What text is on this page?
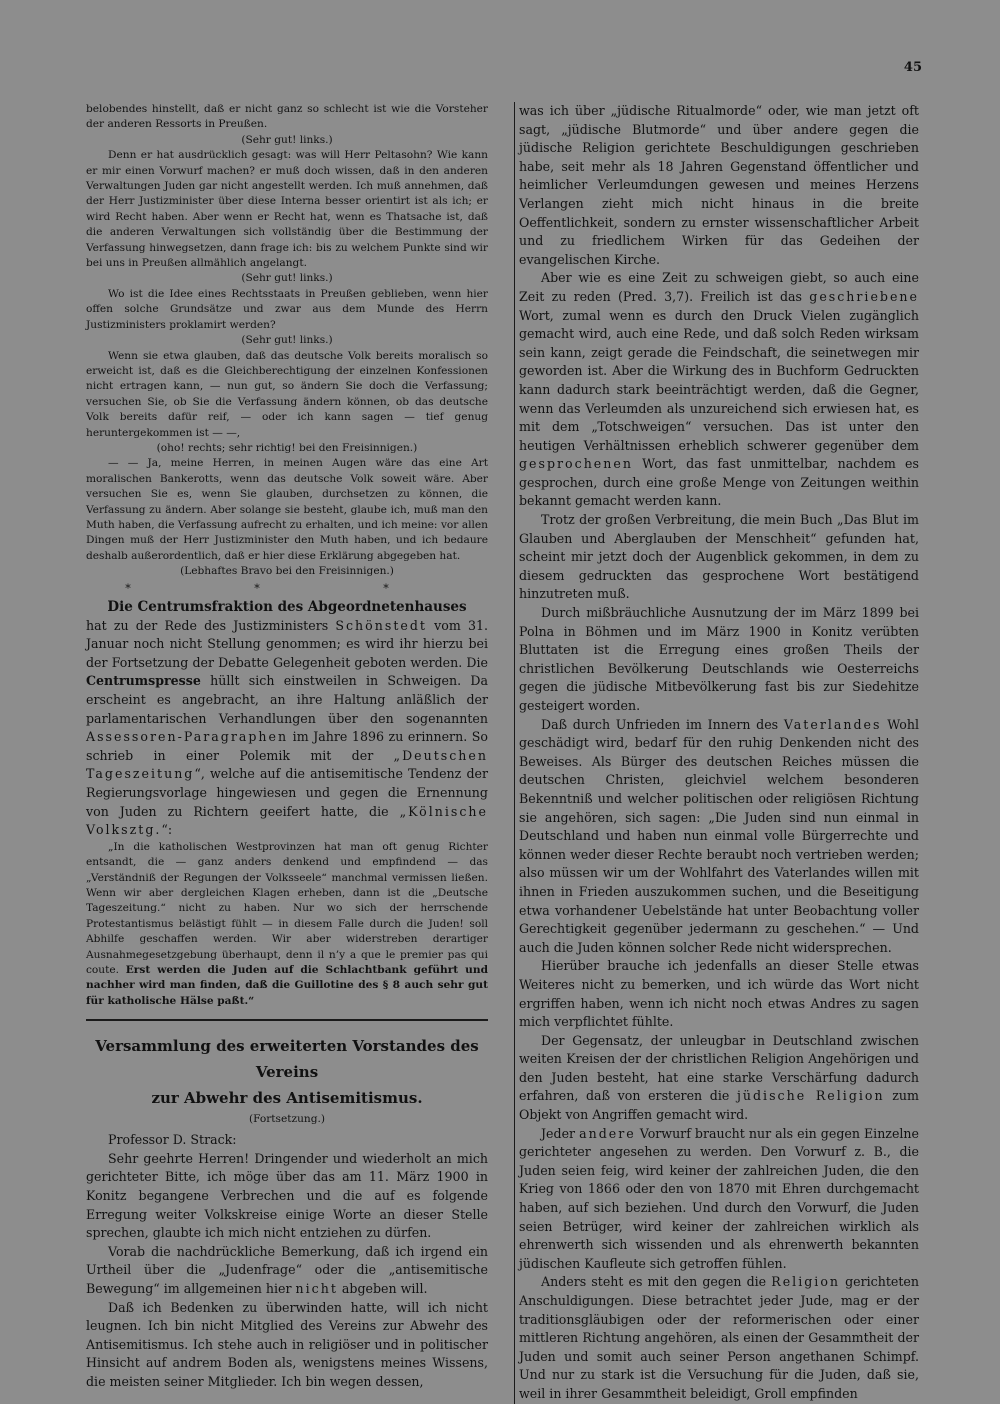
45

belobendes hinstellt, daß er nicht ganz so schlecht ist wie die Vorsteher der anderen Ressorts in Preußen.

(Sehr gut! links.)

Denn er hat ausdrücklich gesagt: was will Herr Peltasohn? Wie kann er mir einen Vorwurf machen? er muß doch wissen, daß in den anderen Verwaltungen Juden gar nicht angestellt werden. Ich muß annehmen, daß der Herr Justizminister über diese Interna besser orientirt ist als ich; er wird Recht haben. Aber wenn er Recht hat, wenn es Thatsache ist, daß die anderen Verwaltungen sich vollständig über die Bestimmung der Verfassung hinwegsetzen, dann frage ich: bis zu welchem Punkte sind wir bei uns in Preußen allmählich angelangt.

(Sehr gut! links.)

Wo ist die Idee eines Rechtsstaats in Preußen geblieben, wenn hier offen solche Grundsätze und zwar aus dem Munde des Herrn Justizministers proklamirt werden?

(Sehr gut! links.)

Wenn sie etwa glauben, daß das deutsche Volk bereits moralisch so erweicht ist, daß es die Gleichberechtigung der einzelnen Konfessionen nicht ertragen kann, — nun gut, so ändern Sie doch die Verfassung; versuchen Sie, ob Sie die Verfassung ändern können, ob das deutsche Volk bereits dafür reif, — oder ich kann sagen — tief genug heruntergekommen ist — —,

(oho! rechts; sehr richtig! bei den Freisinnigen.)

— — Ja, meine Herren, in meinen Augen wäre das eine Art moralischen Bankerotts, wenn das deutsche Volk soweit wäre. Aber versuchen Sie es, wenn Sie glauben, durchsetzen zu können, die Verfassung zu ändern. Aber solange sie besteht, glaube ich, muß man den Muth haben, die Verfassung aufrecht zu erhalten, und ich meine: vor allen Dingen muß der Herr Justizminister den Muth haben, und ich bedaure deshalb außerordentlich, daß er hier diese Erklärung abgegeben hat.

(Lebhaftes Bravo bei den Freisinnigen.)

* * *

Die Centrumsfraktion des Abgeordnetenhauses

hat zu der Rede des Justizministers Schönstedt vom 31. Januar noch nicht Stellung genommen; es wird ihr hierzu bei der Fortsetzung der Debatte Gelegenheit geboten werden. Die Centrumspresse hüllt sich einstweilen in Schweigen. Da erscheint es angebracht, an ihre Haltung anläßlich der parlamentarischen Verhandlungen über den sogenannten Assessoren-Paragraphen im Jahre 1896 zu erinnern. So schrieb in einer Polemik mit der „Deutschen Tageszeitung“, welche auf die antisemitische Tendenz der Regierungsvorlage hingewiesen und gegen die Ernennung von Juden zu Richtern geeifert hatte, die „Kölnische Volksztg.“:

„In die katholischen Westprovinzen hat man oft genug Richter entsandt, die — ganz anders denkend und empfindend — das „Verständniß der Regungen der Volksseele“ manchmal vermissen ließen. Wenn wir aber dergleichen Klagen erheben, dann ist die „Deutsche Tageszeitung.“ nicht zu haben. Nur wo sich der herrschende Protestantismus belästigt fühlt — in diesem Falle durch die Juden! soll Abhilfe geschaffen werden. Wir aber widerstreben derartiger Ausnahmegesetzgebung überhaupt, denn il n’y a que le premier pas qui coute. Erst werden die Juden auf die Schlachtbank geführt und nachher wird man finden, daß die Guillotine des § 8 auch sehr gut für katholische Hälse paßt.“

Versammlung des erweiterten Vorstandes des Vereins
zur Abwehr des Antisemitismus.

(Fortsetzung.)

Professor D. Strack:

Sehr geehrte Herren! Dringender und wiederholt an mich gerichteter Bitte, ich möge über das am 11. März 1900 in Konitz begangene Verbrechen und die auf es folgende Erregung weiter Volkskreise einige Worte an dieser Stelle sprechen, glaubte ich mich nicht entziehen zu dürfen.

Vorab die nachdrückliche Bemerkung, daß ich irgend ein Urtheil über die „Judenfrage“ oder die „antisemitische Bewegung“ im allgemeinen hier nicht abgeben will.

Daß ich Bedenken zu überwinden hatte, will ich nicht leugnen. Ich bin nicht Mitglied des Vereins zur Abwehr des Antisemitismus. Ich stehe auch in religiöser und in politischer Hinsicht auf andrem Boden als, wenigstens meines Wissens, die meisten seiner Mitglieder. Ich bin wegen dessen,

was ich über „jüdische Ritualmorde“ oder, wie man jetzt oft sagt, „jüdische Blutmorde“ und über andere gegen die jüdische Religion gerichtete Beschuldigungen geschrieben habe, seit mehr als 18 Jahren Gegenstand öffentlicher und heimlicher Verleumdungen gewesen und meines Herzens Verlangen zieht mich nicht hinaus in die breite Oeffentlichkeit, sondern zu ernster wissenschaftlicher Arbeit und zu friedlichem Wirken für das Gedeihen der evangelischen Kirche.

Aber wie es eine Zeit zu schweigen giebt, so auch eine Zeit zu reden (Pred. 3,7). Freilich ist das geschriebene Wort, zumal wenn es durch den Druck Vielen zugänglich gemacht wird, auch eine Rede, und daß solch Reden wirksam sein kann, zeigt gerade die Feindschaft, die seinetwegen mir geworden ist. Aber die Wirkung des in Buchform Gedruckten kann dadurch stark beeinträchtigt werden, daß die Gegner, wenn das Verleumden als unzureichend sich erwiesen hat, es mit dem „Totschweigen“ versuchen. Das ist unter den heutigen Verhältnissen erheblich schwerer gegenüber dem gesprochenen Wort, das fast unmittelbar, nachdem es gesprochen, durch eine große Menge von Zeitungen weithin bekannt gemacht werden kann.

Trotz der großen Verbreitung, die mein Buch „Das Blut im Glauben und Aberglauben der Menschheit“ gefunden hat, scheint mir jetzt doch der Augenblick gekommen, in dem zu diesem gedruckten das gesprochene Wort bestätigend hinzutreten muß.

Durch mißbräuchliche Ausnutzung der im März 1899 bei Polna in Böhmen und im März 1900 in Konitz verübten Bluttaten ist die Erregung eines großen Theils der christlichen Bevölkerung Deutschlands wie Oesterreichs gegen die jüdische Mitbevölkerung fast bis zur Siedehitze gesteigert worden.

Daß durch Unfrieden im Innern des Vaterlandes Wohl geschädigt wird, bedarf für den ruhig Denkenden nicht des Beweises. Als Bürger des deutschen Reiches müssen die deutschen Christen, gleichviel welchem besonderen Bekenntniß und welcher politischen oder religiösen Richtung sie angehören, sich sagen: „Die Juden sind nun einmal in Deutschland und haben nun einmal volle Bürgerrechte und können weder dieser Rechte beraubt noch vertrieben werden; also müssen wir um der Wohlfahrt des Vaterlandes willen mit ihnen in Frieden auszukommen suchen, und die Beseitigung etwa vorhandener Uebelstände hat unter Beobachtung voller Gerechtigkeit gegenüber jedermann zu geschehen.“ — Und auch die Juden können solcher Rede nicht widersprechen.

Hierüber brauche ich jedenfalls an dieser Stelle etwas Weiteres nicht zu bemerken, und ich würde das Wort nicht ergriffen haben, wenn ich nicht noch etwas Andres zu sagen mich verpflichtet fühlte.

Der Gegensatz, der unleugbar in Deutschland zwischen weiten Kreisen der der christlichen Religion Angehörigen und den Juden besteht, hat eine starke Verschärfung dadurch erfahren, daß von ersteren die jüdische Religion zum Objekt von Angriffen gemacht wird.

Jeder andere Vorwurf braucht nur als ein gegen Einzelne gerichteter angesehen zu werden. Den Vorwurf z. B., die Juden seien feig, wird keiner der zahlreichen Juden, die den Krieg von 1866 oder den von 1870 mit Ehren durchgemacht haben, auf sich beziehen. Und durch den Vorwurf, die Juden seien Betrüger, wird keiner der zahlreichen wirklich als ehrenwerth sich wissenden und als ehrenwerth bekannten jüdischen Kaufleute sich getroffen fühlen.

Anders steht es mit den gegen die Religion gerichteten Anschuldigungen. Diese betrachtet jeder Jude, mag er der traditionsgläubigen oder der reformerischen oder einer mittleren Richtung angehören, als einen der Gesammtheit der Juden und somit auch seiner Person angethanen Schimpf. Und nur zu stark ist die Versuchung für die Juden, daß sie, weil in ihrer Gesammtheit beleidigt, Groll empfinden
